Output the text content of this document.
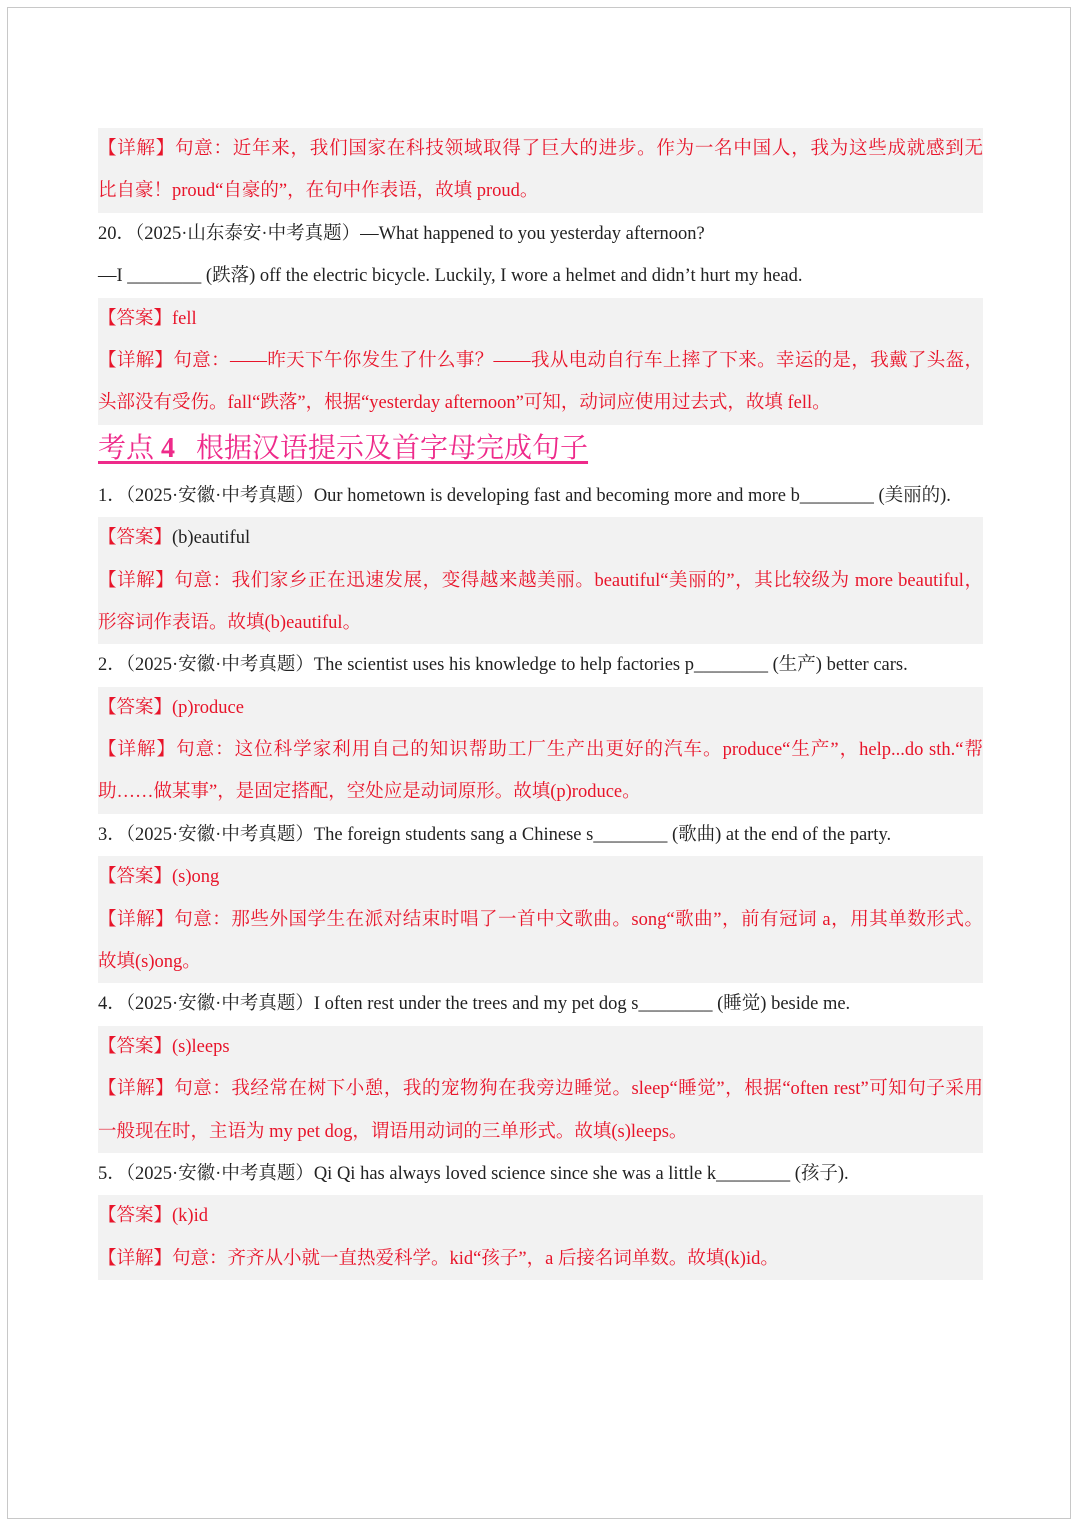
【详解】句意：近年来，我们国家在科技领域取得了巨大的进步。作为一名中国人，我为这些成就感到无
比自豪！proud“自豪的”，在句中作表语，故填 proud。
20．（2025·山东泰安·中考真题）—What happened to you yesterday afternoon?
—I ________ (跌落) off the electric bicycle. Luckily, I wore a helmet and didn’t hurt my head.
【答案】fell
【详解】句意：——昨天下午你发生了什么事？——我从电动自行车上摔了下来。幸运的是，我戴了头盔，
头部没有受伤。fall“跌落”，根据“yesterday afternoon”可知，动词应使用过去式，故填 fell。
考点 4 根据汉语提示及首字母完成句子
1．（2025·安徽·中考真题）Our hometown is developing fast and becoming more and more b________ (美丽的).
【答案】(b)eautiful
【详解】句意：我们家乡正在迅速发展，变得越来越美丽。beautiful“美丽的”，其比较级为 more beautiful，
形容词作表语。故填(b)eautiful。
2．（2025·安徽·中考真题）The scientist uses his knowledge to help factories p________ (生产) better cars.
【答案】(p)roduce
【详解】句意：这位科学家利用自己的知识帮助工厂生产出更好的汽车。produce“生产”，help...do sth.“帮
助……做某事”，是固定搭配，空处应是动词原形。故填(p)roduce。
3．（2025·安徽·中考真题）The foreign students sang a Chinese s________ (歌曲) at the end of the party.
【答案】(s)ong
【详解】句意：那些外国学生在派对结束时唱了一首中文歌曲。song“歌曲”，前有冠词 a，用其单数形式。
故填(s)ong。
4．（2025·安徽·中考真题）I often rest under the trees and my pet dog s________ (睡觉) beside me.
【答案】(s)leeps
【详解】句意：我经常在树下小憩，我的宠物狗在我旁边睡觉。sleep“睡觉”，根据“often rest”可知句子采用
一般现在时，主语为 my pet dog，谓语用动词的三单形式。故填(s)leeps。
5．（2025·安徽·中考真题）Qi Qi has always loved science since she was a little k________ (孩子).
【答案】(k)id
【详解】句意：齐齐从小就一直热爱科学。kid“孩子”，a 后接名词单数。故填(k)id。
